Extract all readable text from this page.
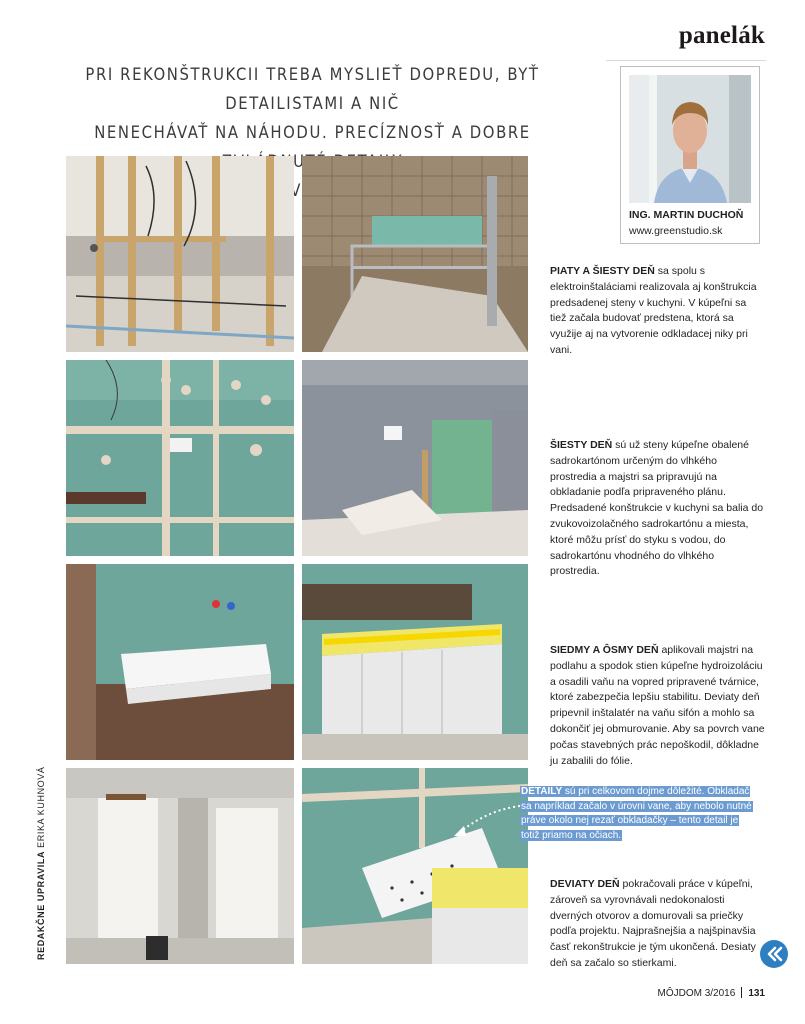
panelák
PRI REKONŠTRUKCII TREBA MYSLIEŤ DOPREDU, BYŤ DETAILISTAMI A NIČ
NENECHÁVAŤ NA NÁHODU. PRECÍZNOSŤ A DOBRE
ŠIKOVNÝCH
ING. MARTIN DUCHOŇ
www.greenstudio.sk
PIATY A ŠIESTY DEŇ sa spolu s elektroinštaláciami realizovala aj konštrukcia predsadenej steny v kuchyni. V kúpeľni sa tiež začala budovať predstena, ktorá sa využije aj na vytvorenie odkladacej niky pri vani.
ŠIESTY DEŇ sú už steny kúpeľne obalené sadrokartónom určeným do vlhkého prostredia a majstri sa pripravujú na obkladanie podľa pripraveného plánu. Predsadené konštrukcie v kuchyni sa balia do zvukovoizolačného sadrokartónu a miesta, ktoré môžu prísť do styku s vodou, do sadrokartónu vhodného do vlhkého prostredia.
SIEDMY A ÔSMY DEŇ aplikovali majstri na podlahu a spodok stien kúpeľne hydroizoláciu a osadili vaňu na vopred pripravené tvárnice, ktoré zabezpečia lepšiu stabilitu. Deviaty deň pripevnil inštalatér na vaňu sifón a mohlo sa dokončiť jej obmurovanie. Aby sa povrch vane počas stavebných prác nepoškodil, dôkladne ju zabalili do fólie.
DEVIATY DEŇ pokračovali práce v kúpeľni, zároveň sa vyrovnávali nedokonalosti dverných otvorov a domurovali sa priečky podľa projektu. Najprašnejšia a najšpinavšia časť rekonštrukcie je tým ukončená. Desiaty deň sa začalo so stierkami.
DETAILY sú pri celkovom dojme dôležité. Obkladač sa napríklad začalo v úrovni vane, aby nebolo nutné práve okolo nej rezať obkladačky – tento detail je totiž priamo na očiach.
REDAKČNE UPRAVILA ERIKA KUHNOVÁ
MÔJDOM 3/2016 131
